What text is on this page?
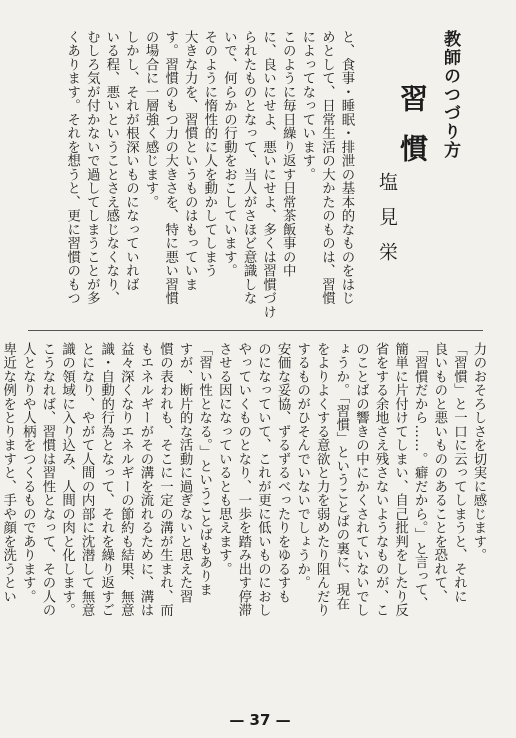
と、食事・睡眠・排泄の基本的なものをはじ
めとして、日常生活の大かたのものは、習慣
によってなっています。
このように毎日繰り返す日常茶飯事の中
に、良いにせよ、悪いにせよ、多くは習慣づけ
られたものとなって、当人がさほど意識しな
いで、何らかの行動をおこしています。
そのように惰性的に人を動かしてしまう
大きな力を、習慣というものはもっていま
す。習慣のもつ力の大きさを、特に悪い習慣
の場合に一層強く感じます。
しかし、それが根深いものになっていれば
いる程、悪いということさえ感じなくなり、
むしろ気が付かないで過してしまうことが多
くあります。それを想うと、更に習慣のもつ	教師のつづり方
習慣
塩見栄
力のおそろしさを切実に感じます。
「習慣」と一口に云ってしまうと、それに
良いものと悪いもののあることを恐れて、
「習慣だから……。癖だから。」と言って、
簡単に片付けてしまい、自己批判をしたり反
省をする余地さえ残さないようなものが、こ
のことばの響きの中にかくされていないでし
ょうか。「習慣」ということばの裏に、現在
をよりよくする意欲と力を弱めたり阻んだり
するものがひそんでいないでしょうか。
安価な妥協、ずるずるべったりをゆるすも
のになっていて、これが更に低いものにおし
やっていくものとなり、一歩を踏み出す停滞
させる因になっているとも思えます。
「習い性となる。」ということばもありま
すが、断片的な活動に過ぎないと思えた習
慣の表われも、そこに一定の溝が生まれ、而
もエネルギーがその溝を流れるために、溝は
益々深くなりエネルギーの節約も結果、無意
識・自動的行為となって、それを繰り返すご
とになり、やがて人間の内部に沈潜して無意
識の領域に入り込み、人間の肉と化します。
こうなれば、習慣は習性となって、その人の
人となりや人柄をつくるものであります。
卑近な例をとりますと、手や顔を洗うとい

— 37 —
